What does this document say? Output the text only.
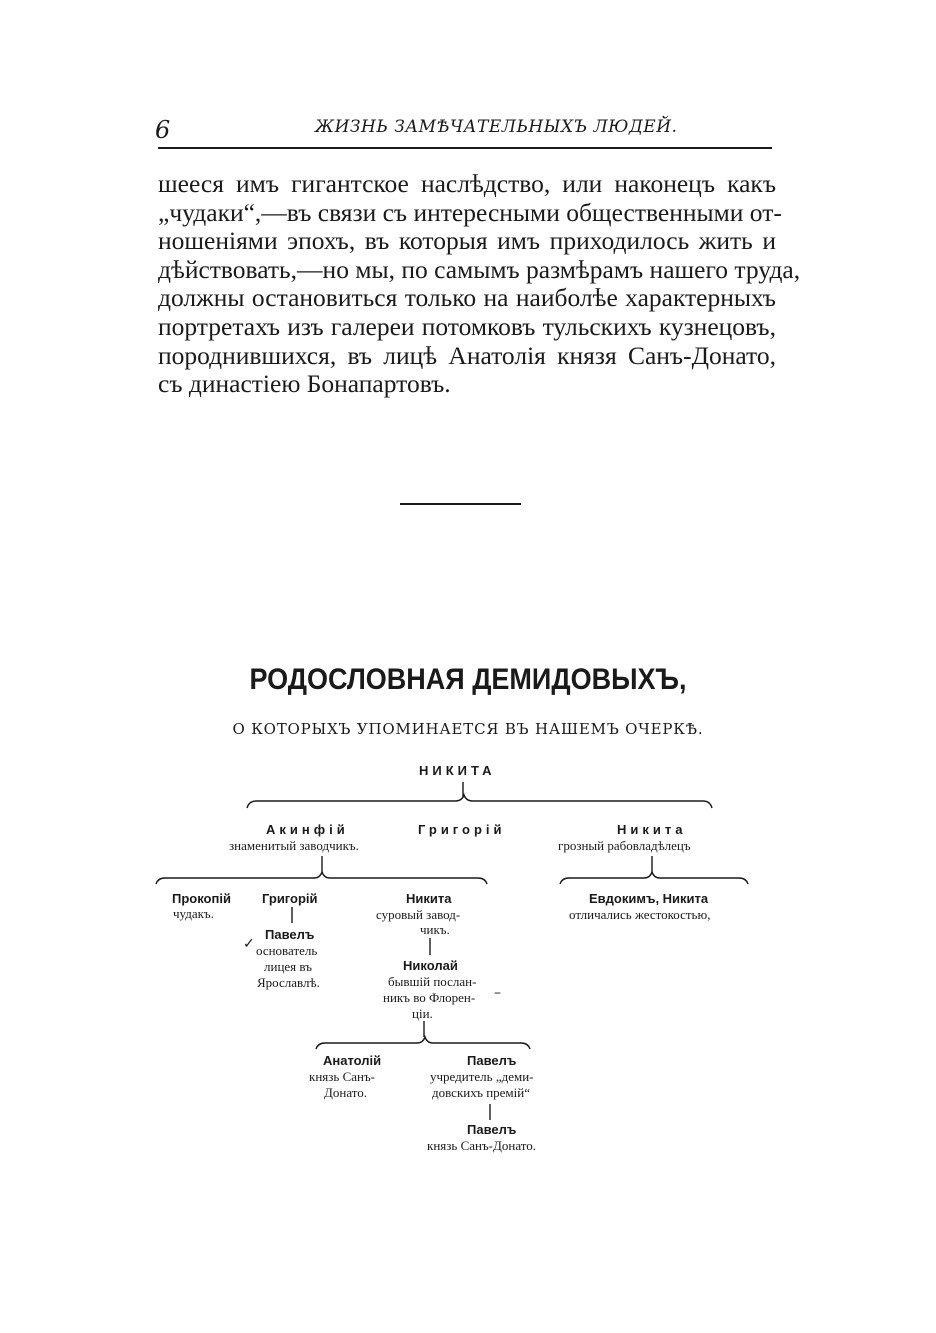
6	ЖИЗНЬ ЗАМѢЧАТЕЛЬНЫХЪ ЛЮДЕЙ.
шееся имъ гигантское наслѣдство, или наконецъ какъ
„чудаки“,—въ связи съ интересными общественными от-
ношеніями эпохъ, въ которыя имъ приходилось жить и
дѣйствовать,—но мы, по самымъ размѣрамъ нашего труда,
должны остановиться только на наиболѣе характерныхъ
портретахъ изъ галереи потомковъ тульскихъ кузнецовъ,
породнившихся, въ лицѣ Анатолія князя Санъ-Донато,
съ династіею Бонапартовъ.
РОДОСЛОВНАЯ ДЕМИДОВЫХЪ,
О КОТОРЫХЪ УПОМИНАЕТСЯ ВЪ НАШЕМЪ ОЧЕРКѢ.
НИКИТА
Акинфій
знаменитый заводчикъ.
Григорій	Никита
грозный рабовладѣлецъ
Прокопій
чудакъ.
Григорій	Никита
суровый завод-
чикъ.
Евдокимъ, Никита
отличались жестокостью,
✓
Павелъ
основатель
лицея въ
Ярославлѣ.
Николай
бывшій послан-
никъ во Флорен-
ціи.
–
Анатолій
князь Санъ-
Донато.
Павелъ
учредитель „деми-
довскихъ премій“
Павелъ
князь Санъ-Донато.
